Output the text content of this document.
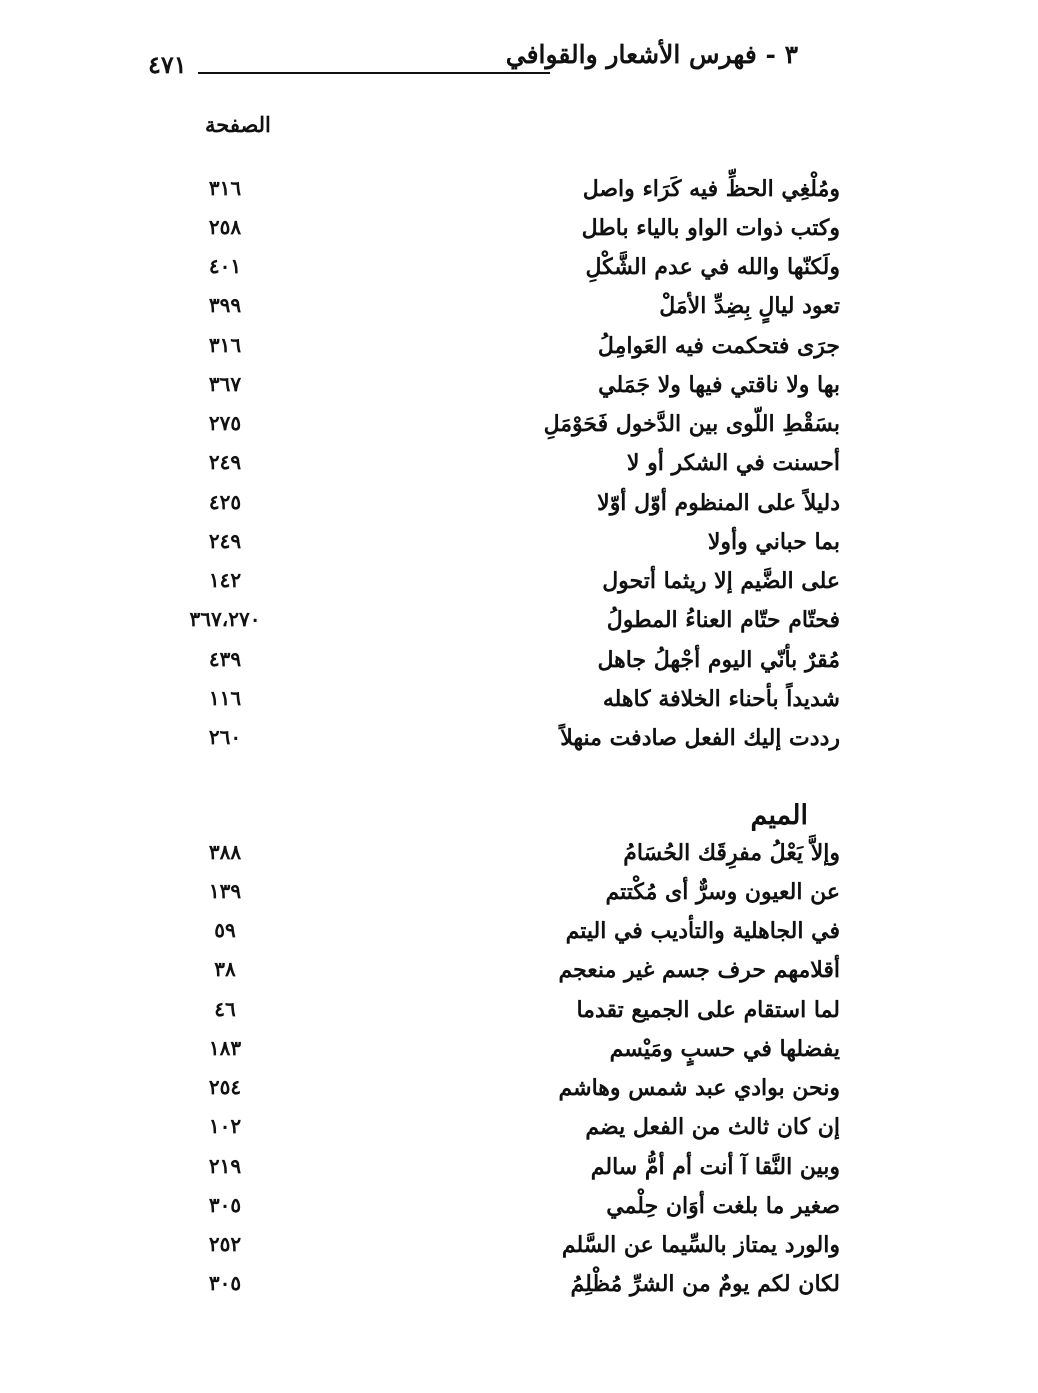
٣ - فهرس الأشعار والقوافي
٤٧١
الصفحة
ومُلْغِي الحظِّ فيه كَرَاء واصل
٣١٦
وكتب ذوات الواو بالياء باطل
٢٥٨
ولَكنّها والله في عدم الشَّكْلِ
٤٠١
تعود ليالٍ بِضِدِّ الأمَلْ
٣٩٩
جرَى فتحكمت فيه العَوامِلُ
٣١٦
بها ولا ناقتي فيها ولا جَمَلي
٣٦٧
بسَقْطِ اللّوى بين الدَّخول فَحَوْمَلِ
٢٧٥
أحسنت في الشكر أو لا
٢٤٩
دليلاً على المنظوم أوّل أوّلا
٤٢٥
بما حباني وأولا
٢٤٩
على الضَّيم إلا ريثما أتحول
١٤٢
فحتّام حتّام العناءُ المطولُ
٣٦٧،٢٧٠
مُقرٌ بأنّي اليوم أجْهلُ جاهل
٤٣٩
شديداً بأحناء الخلافة كاهله
١١٦
رددت إليك الفعل صادفت منهلاً
٢٦٠
الميم
وإلاَّ يَعْلُ مفرِقَك الحُسَامُ
٣٨٨
عن العيون وسرٌّ أى مُكْتتم
١٣٩
في الجاهلية والتأديب في اليتم
٥٩
أقلامهم حرف جسم غير منعجم
٣٨
لما استقام على الجميع تقدما
٤٦
يفضلها في حسبٍ ومَيْسم
١٨٣
ونحن بوادي عبد شمس وهاشم
٢٥٤
إن كان ثالث من الفعل يضم
١٠٢
وبين النَّقا آ أنت أم أمُّ سالم
٢١٩
صغير ما بلغت أوَان حِلْمي
٣٠٥
والورد يمتاز بالسِّيما عن السَّلم
٢٥٢
لكان لكم يومٌ من الشرِّ مُظْلِمُ
٣٠٥
